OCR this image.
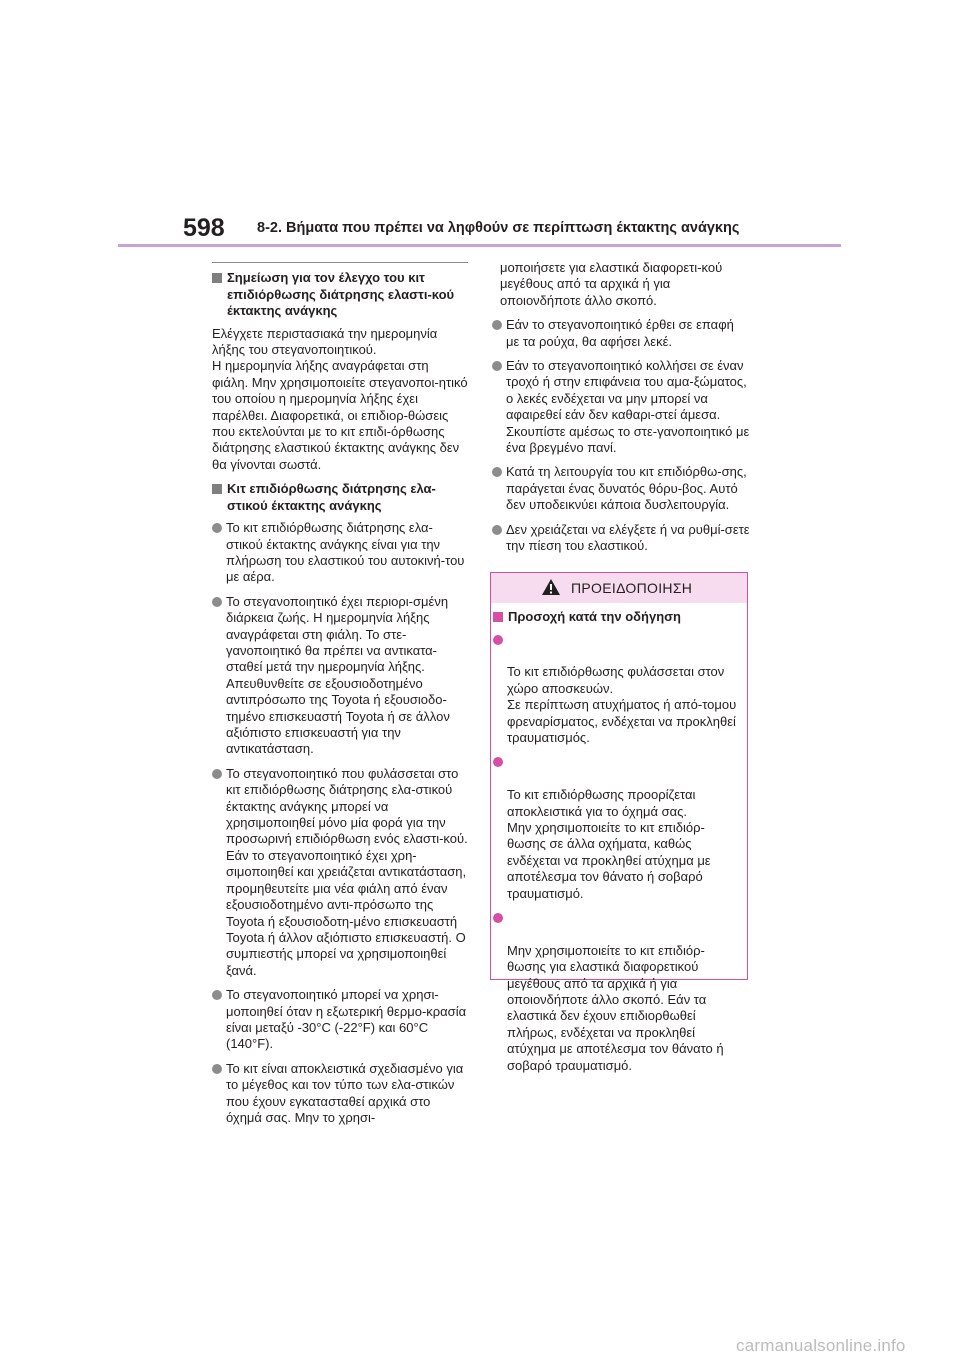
598 8-2. Βήματα που πρέπει να ληφθούν σε περίπτωση έκτακτης ανάγκης
Σημείωση για τον έλεγχο του κιτ επιδιόρθωσης διάτρησης ελαστι-κού έκτακτης ανάγκης
Ελέγχετε περιστασιακά την ημερομηνία λήξης του στεγανοποιητικού.
Η ημερομηνία λήξης αναγράφεται στη φιάλη. Μην χρησιμοποιείτε στεγανοποι-ητικό του οποίου η ημερομηνία λήξης έχει παρέλθει. Διαφορετικά, οι επιδιορ-θώσεις που εκτελούνται με το κιτ επιδι-όρθωσης διάτρησης ελαστικού έκτακτης ανάγκης δεν θα γίνονται σωστά.
Κιτ επιδιόρθωσης διάτρησης ελα-στικού έκτακτης ανάγκης
Το κιτ επιδιόρθωσης διάτρησης ελα-στικού έκτακτης ανάγκης είναι για την πλήρωση του ελαστικού του αυτοκινή-του με αέρα.
Το στεγανοποιητικό έχει περιορι-σμένη διάρκεια ζωής. Η ημερομηνία λήξης αναγράφεται στη φιάλη. Το στε-γανοποιητικό θα πρέπει να αντικατα-σταθεί μετά την ημερομηνία λήξης. Απευθυνθείτε σε εξουσιοδοτημένο αντιπρόσωπο της Toyota ή εξουσιοδο-τημένο επισκευαστή Toyota ή σε άλλον αξιόπιστο επισκευαστή για την αντικατάσταση.
Το στεγανοποιητικό που φυλάσσεται στο κιτ επιδιόρθωσης διάτρησης ελα-στικού έκτακτης ανάγκης μπορεί να χρησιμοποιηθεί μόνο μία φορά για την προσωρινή επιδιόρθωση ενός ελαστι-κού. Εάν το στεγανοποιητικό έχει χρη-σιμοποιηθεί και χρειάζεται αντικατάσταση, προμηθευτείτε μια νέα φιάλη από έναν εξουσιοδοτημένο αντι-πρόσωπο της Toyota ή εξουσιοδοτη-μένο επισκευαστή Toyota ή άλλον αξιόπιστο επισκευαστή. Ο συμπιεστής μπορεί να χρησιμοποιηθεί ξανά.
Το στεγανοποιητικό μπορεί να χρησι-μοποιηθεί όταν η εξωτερική θερμο-κρασία είναι μεταξύ -30°C (-22°F) και 60°C (140°F).
Το κιτ είναι αποκλειστικά σχεδιασμένο για το μέγεθος και τον τύπο των ελα-στικών που έχουν εγκατασταθεί αρχικά στο όχημά σας. Μην το χρησι-
μοποιήσετε για ελαστικά διαφορετι-κού μεγέθους από τα αρχικά ή για οποιονδήποτε άλλο σκοπό.
Εάν το στεγανοποιητικό έρθει σε επαφή με τα ρούχα, θα αφήσει λεκέ.
Εάν το στεγανοποιητικό κολλήσει σε έναν τροχό ή στην επιφάνεια του αμα-ξώματος, ο λεκές ενδέχεται να μην μπορεί να αφαιρεθεί εάν δεν καθαρι-στεί άμεσα. Σκουπίστε αμέσως το στε-γανοποιητικό με ένα βρεγμένο πανί.
Κατά τη λειτουργία του κιτ επιδιόρθω-σης, παράγεται ένας δυνατός θόρυ-βος. Αυτό δεν υποδεικνύει κάποια δυσλειτουργία.
Δεν χρειάζεται να ελέγξετε ή να ρυθμί-σετε την πίεση του ελαστικού.
ΠΡΟΕΙΔΟΠΟΙΗΣΗ
Προσοχή κατά την οδήγηση

Το κιτ επιδιόρθωσης φυλάσσεται στον χώρο αποσκευών.
Σε περίπτωση ατυχήματος ή από-τομου φρεναρίσματος, ενδέχεται να προκληθεί τραυματισμός.

Το κιτ επιδιόρθωσης προορίζεται αποκλειστικά για το όχημά σας.
Μην χρησιμοποιείτε το κιτ επιδιόρ-θωσης σε άλλα οχήματα, καθώς ενδέχεται να προκληθεί ατύχημα με αποτέλεσμα τον θάνατο ή σοβαρό τραυματισμό.

Μην χρησιμοποιείτε το κιτ επιδιόρ-θωσης για ελαστικά διαφορετικού μεγέθους από τα αρχικά ή για οποιονδήποτε άλλο σκοπό. Εάν τα ελαστικά δεν έχουν επιδιορθωθεί πλήρως, ενδέχεται να προκληθεί ατύχημα με αποτέλεσμα τον θάνατο ή σοβαρό τραυματισμό.

carmanualsonline.info
